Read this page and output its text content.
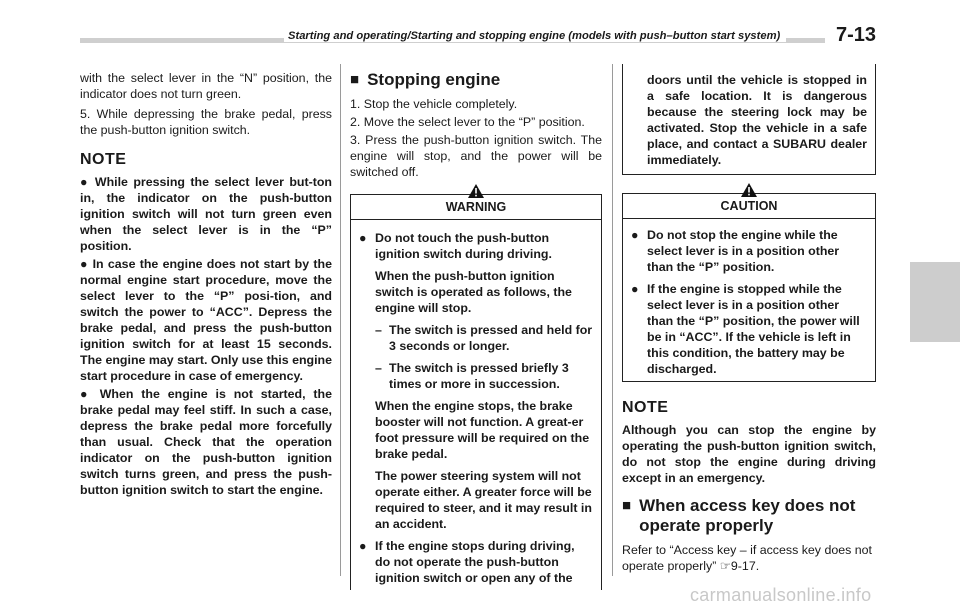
Starting and operating/Starting and stopping engine (models with push–button start system)	7-13

with the select lever in the “N” position, the indicator does not turn green.

5. While depressing the brake pedal, press the push-button ignition switch.

NOTE

● While pressing the select lever but-ton in, the indicator on the push-button ignition switch will not turn green even when the select lever is in the “P” position.

● In case the engine does not start by the normal engine start procedure, move the select lever to the “P” posi-tion, and switch the power to “ACC”. Depress the brake pedal, and press the push-button ignition switch for at least 15 seconds. The engine may start. Only use this engine start procedure in case of emergency.

● When the engine is not started, the brake pedal may feel stiff. In such a case, depress the brake pedal more forcefully than usual. Check that the operation indicator on the push-button ignition switch turns green, and press the push-button ignition switch to start the engine.

■ Stopping engine

1. Stop the vehicle completely.

2. Move the select lever to the “P” position.

3. Press the push-button ignition switch. The engine will stop, and the power will be switched off.

WARNING
● Do not touch the push-button ignition switch during driving.

When the push-button ignition switch is operated as follows, the engine will stop.

– The switch is pressed and held for 3 seconds or longer.
– The switch is pressed briefly 3 times or more in succession.

When the engine stops, the brake booster will not function. A great-er foot pressure will be required on the brake pedal.

The power steering system will not operate either. A greater force will be required to steer, and it may result in an accident.

● If the engine stops during driving, do not operate the push-button ignition switch or open any of the

doors until the vehicle is stopped in a safe location. It is dangerous because the steering lock may be activated. Stop the vehicle in a safe place, and contact a SUBARU dealer immediately.

CAUTION
● Do not stop the engine while the select lever is in a position other than the “P” position.
● If the engine is stopped while the select lever is in a position other than the “P” position, the power will be in “ACC”. If the vehicle is left in this condition, the battery may be discharged.
NOTE

Although you can stop the engine by operating the push-button ignition switch, do not stop the engine during driving except in an emergency.

■ When access key does not operate properly

Refer to “Access key – if access key does not operate properly” ☞9-17.

carmanualsonline.info
